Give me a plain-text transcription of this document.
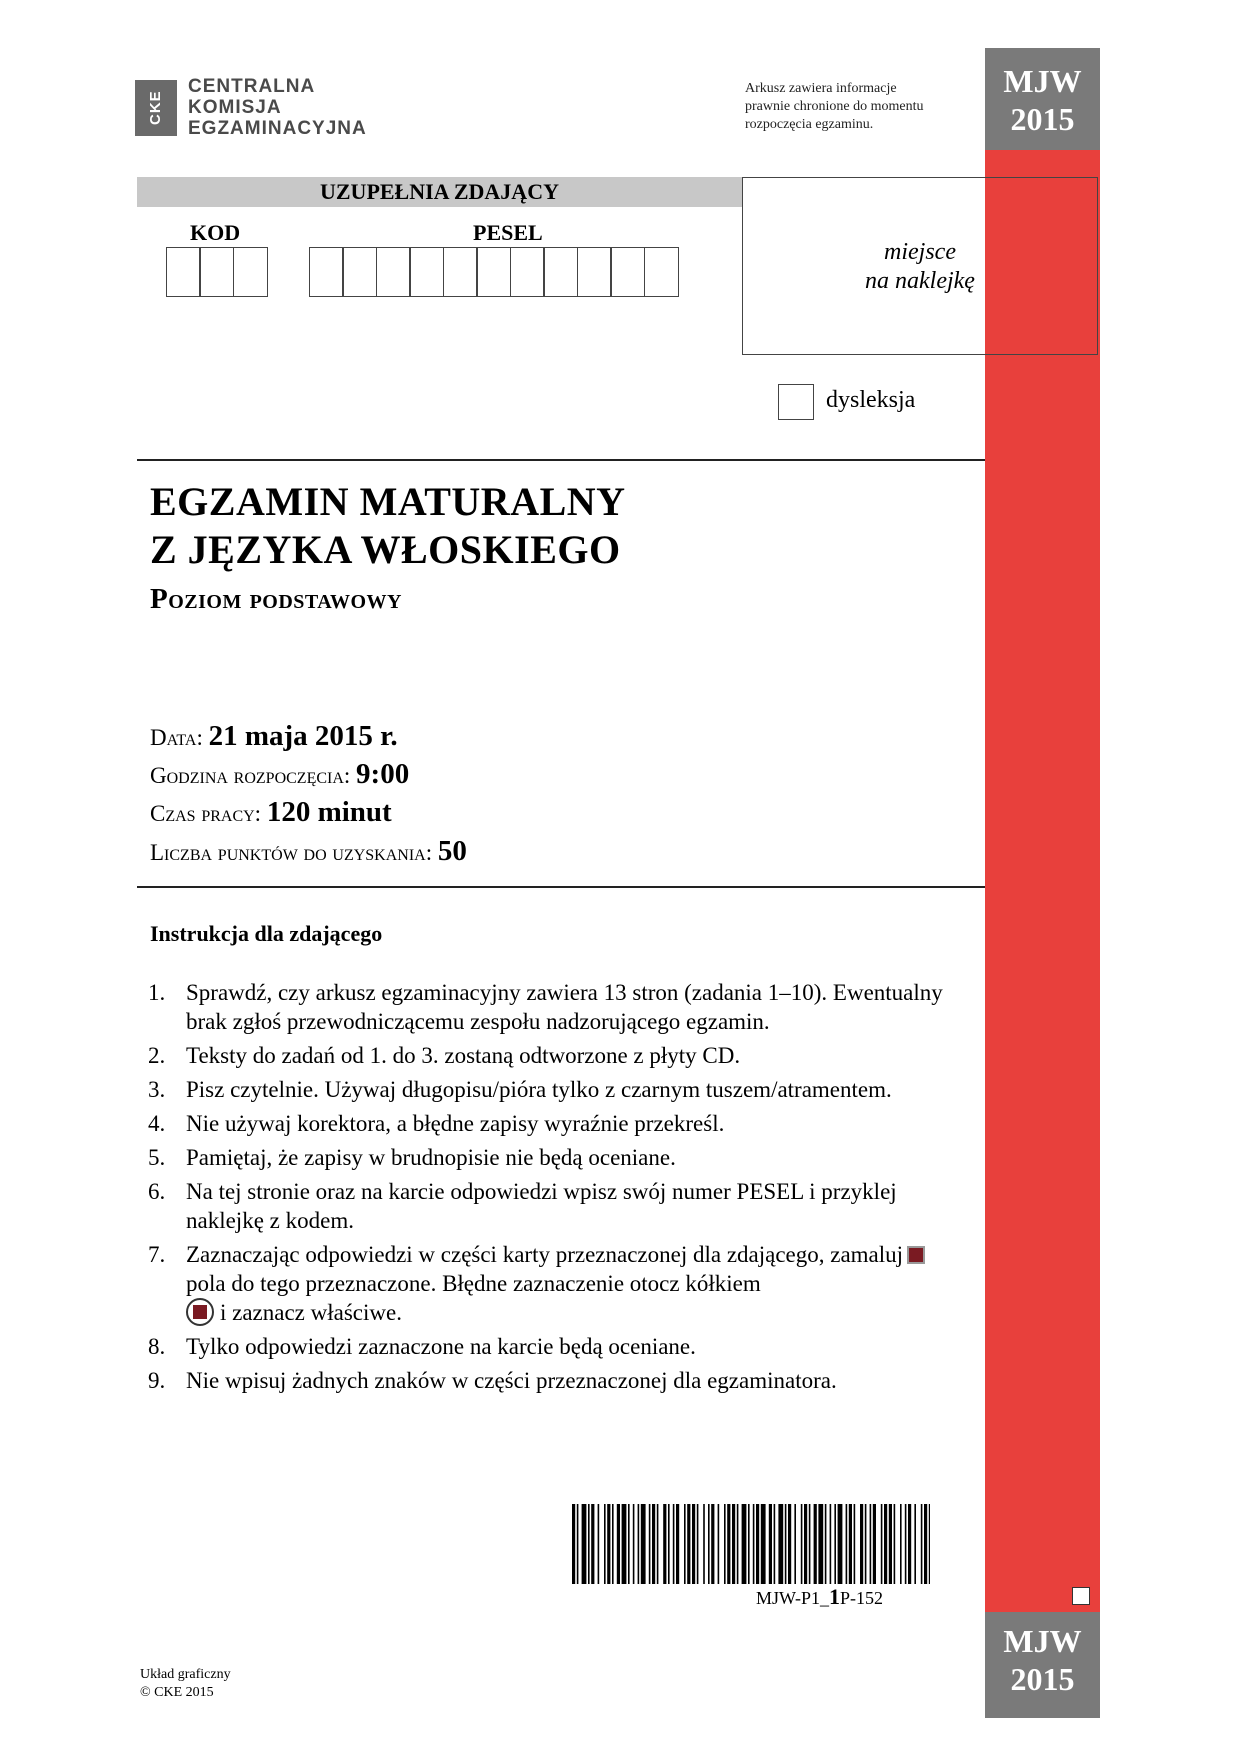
CKE
CENTRALNA
KOMISJA
EGZAMINACYJNA
Arkusz zawiera informacje
prawnie chronione do momentu
rozpoczęcia egzaminu.
MJW
2015
MJW
2015
UZUPEŁNIA ZDAJĄCY
KOD	PESEL
miejsce
na naklejkę
dysleksja
EGZAMIN MATURALNY
Z JĘZYKA WŁOSKIEGO
Poziom podstawowy
Data: 21 maja 2015 r.
Godzina rozpoczęcia: 9:00
Czas pracy: 120 minut
Liczba punktów do uzyskania: 50
Instrukcja dla zdającego
1. Sprawdź, czy arkusz egzaminacyjny zawiera 13 stron (zadania 1–10). Ewentualny brak zgłoś przewodniczącemu zespołu nadzorującego egzamin.
2. Teksty do zadań od 1. do 3. zostaną odtworzone z płyty CD.
3. Pisz czytelnie. Używaj długopisu/pióra tylko z czarnym tuszem/atramentem.
4. Nie używaj korektora, a błędne zapisy wyraźnie przekreśl.
5. Pamiętaj, że zapisy w brudnopisie nie będą oceniane.
6. Na tej stronie oraz na karcie odpowiedzi wpisz swój numer PESEL i przyklej naklejkę z kodem.
7. Zaznaczając odpowiedzi w części karty przeznaczonej dla zdającego, zamalujpola do tego przeznaczone. Błędne zaznaczenie otocz kółkiem
i zaznacz właściwe.
8. Tylko odpowiedzi zaznaczone na karcie będą oceniane.
9. Nie wpisuj żadnych znaków w części przeznaczonej dla egzaminatora.
MJW-P1_1P-152
Układ graficzny
© CKE 2015
